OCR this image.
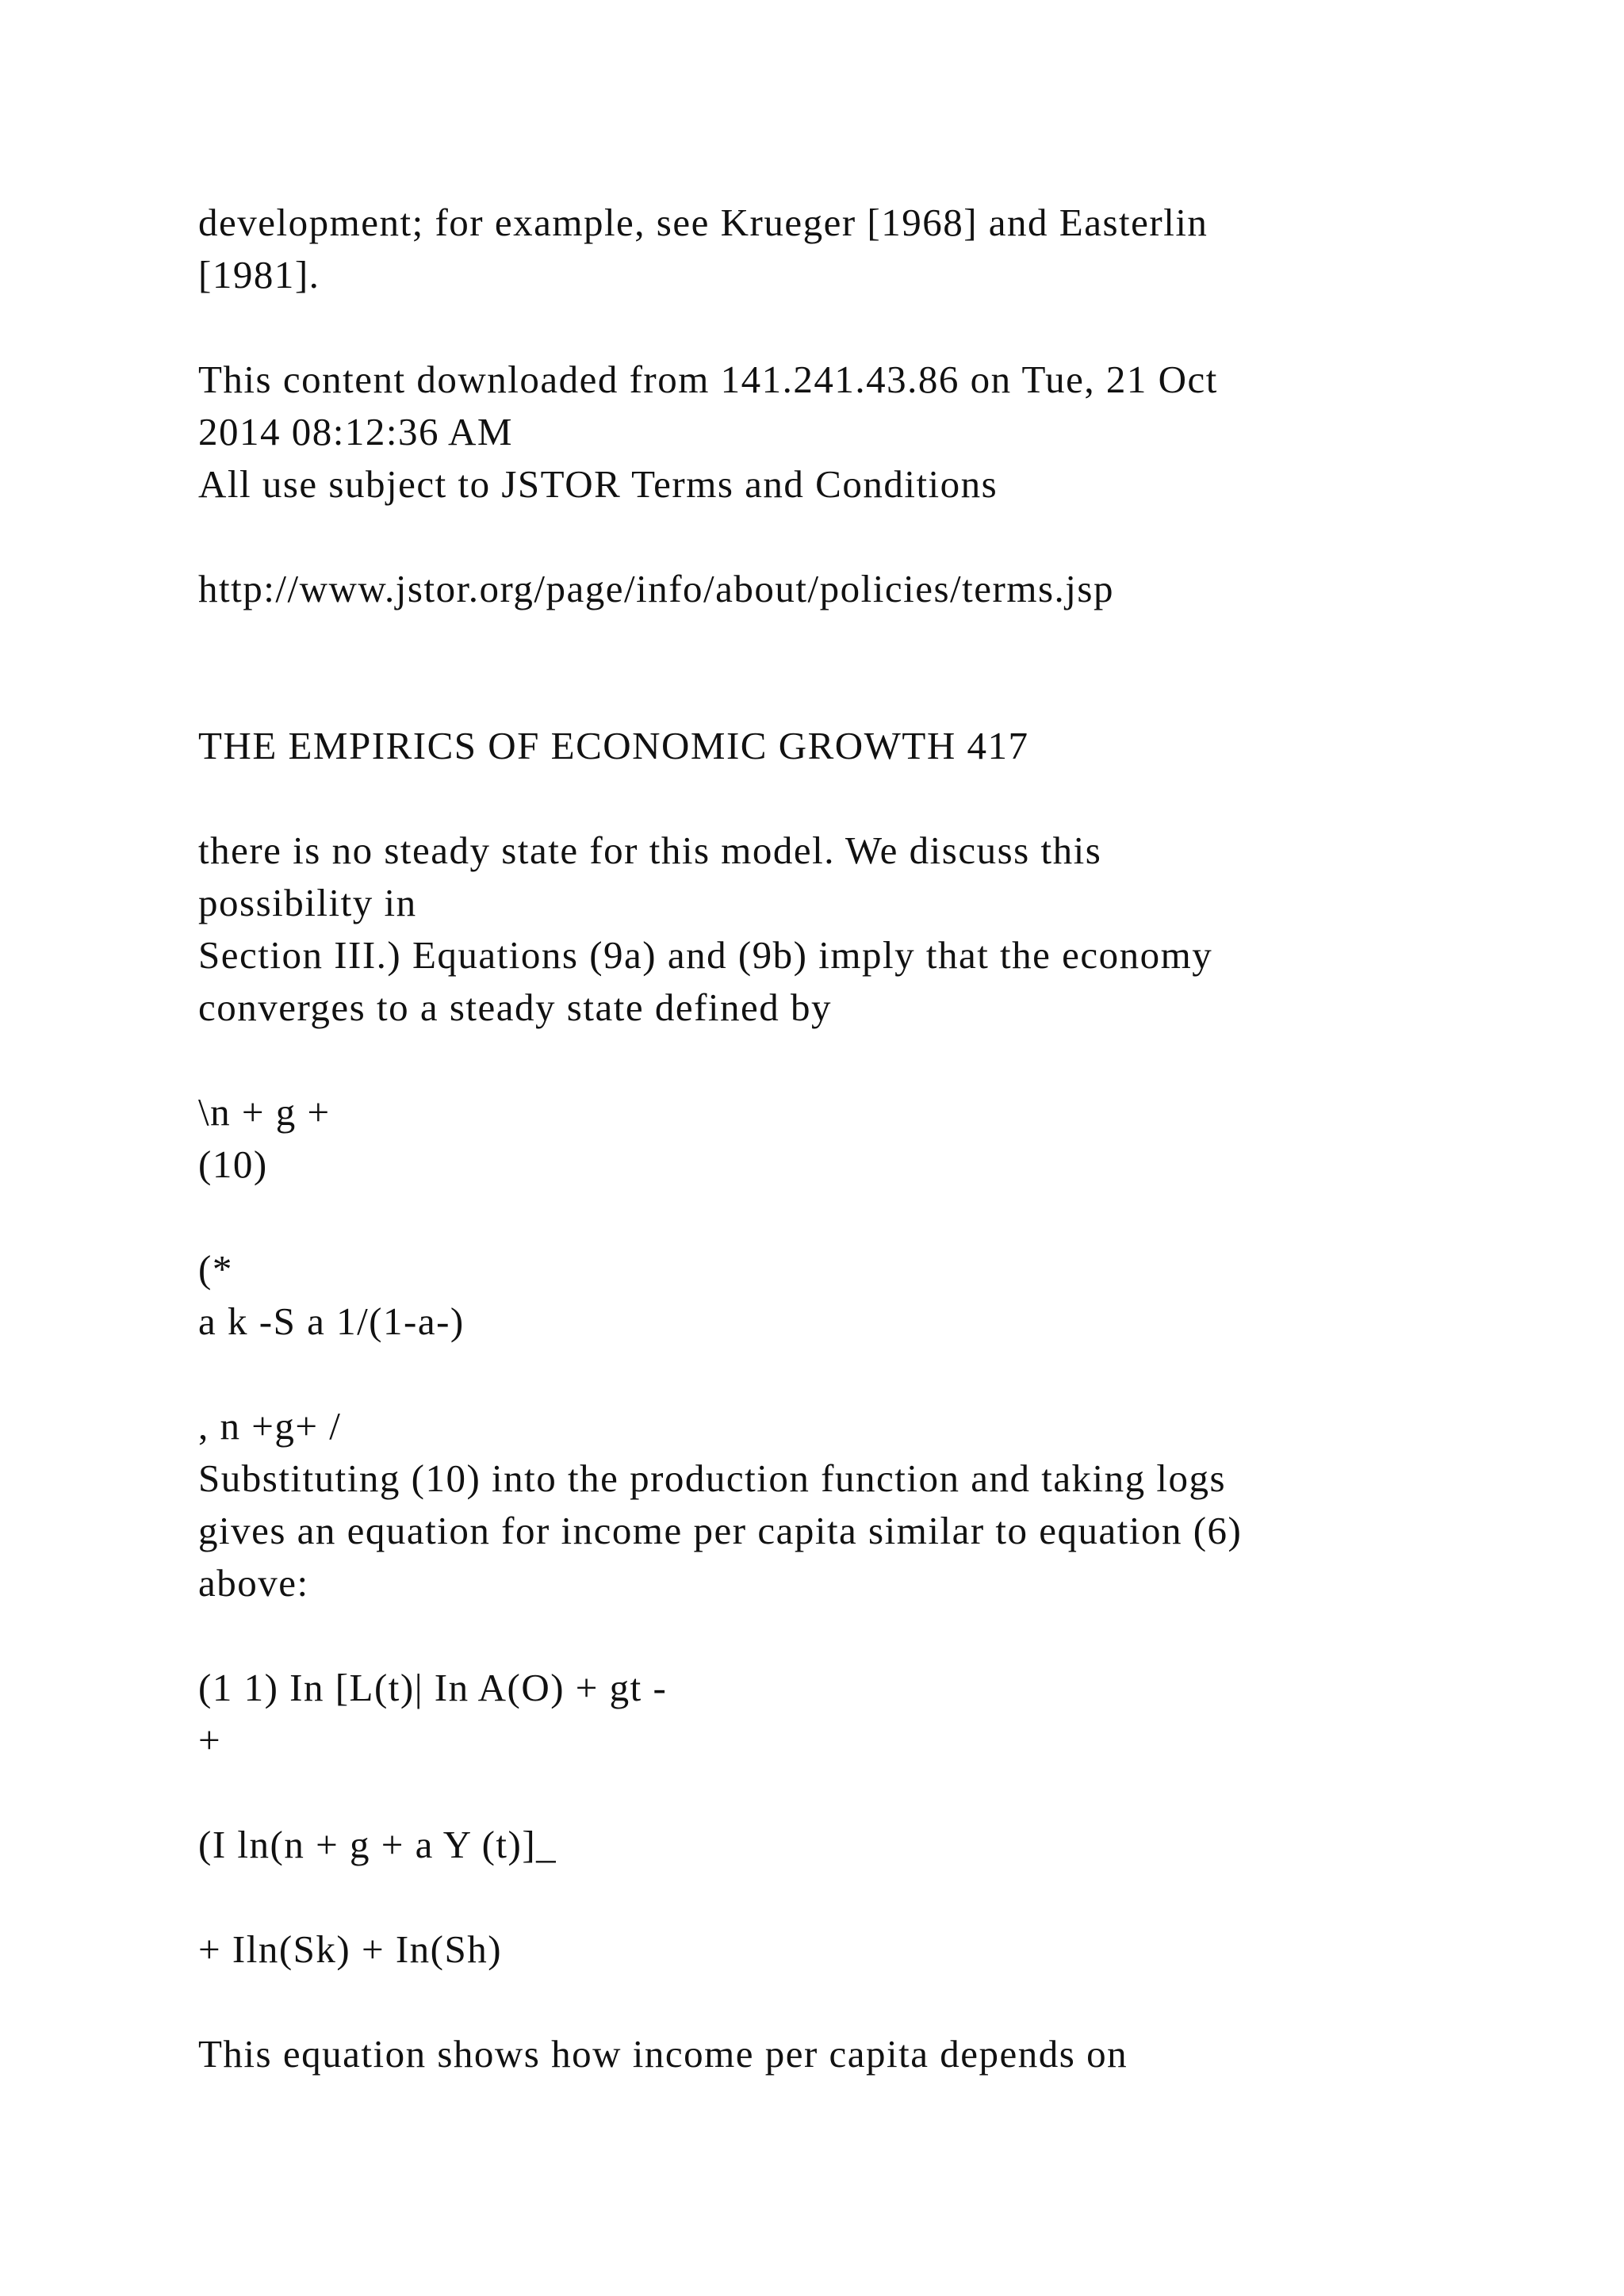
development; for example, see Krueger [1968] and Easterlin

[1981].

This content downloaded from 141.241.43.86 on Tue, 21 Oct

2014 08:12:36 AM

All use subject to JSTOR Terms and Conditions

http://www.jstor.org/page/info/about/policies/terms.jsp

THE EMPIRICS OF ECONOMIC GROWTH 417

there is no steady state for this model. We discuss this

possibility in

Section III.) Equations (9a) and (9b) imply that the economy

converges to a steady state defined by

\n + g +

(10)

(*

a k -S a 1/(1-a-)

, n +g+ /

Substituting (10) into the production function and taking logs

gives an equation for income per capita similar to equation (6)

above:

(1 1) In [L(t)| In A(O) + gt -

+

(I ln(n + g + a Y (t)]_

+ Iln(Sk) + In(Sh)

This equation shows how income per capita depends on
